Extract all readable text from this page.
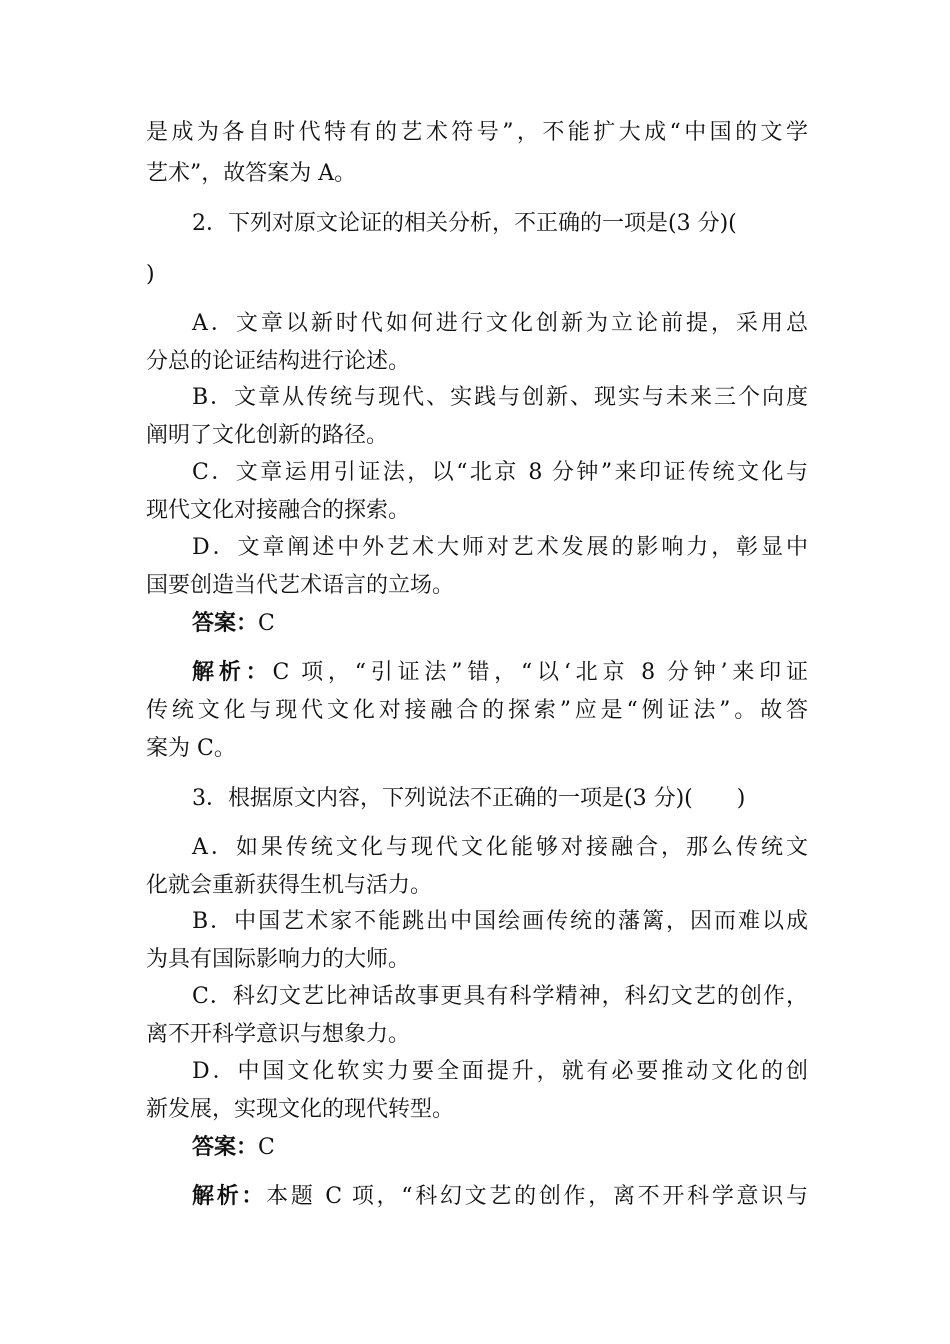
是成为各自时代特有的艺术符号”，不能扩大成“中国的文学
艺术”，故答案为 A。
2．下列对原文论证的相关分析，不正确的一项是(3 分)(
)
A．文章以新时代如何进行文化创新为立论前提，采用总
分总的论证结构进行论述。
B．文章从传统与现代、实践与创新、现实与未来三个向度
阐明了文化创新的路径。
C．文章运用引证法，以“北京 8 分钟”来印证传统文化与
现代文化对接融合的探索。
D．文章阐述中外艺术大师对艺术发展的影响力，彰显中
国要创造当代艺术语言的立场。
答案：C
解析：C 项，“引证法”错，“以‘北京 8 分钟’来印证
传统文化与现代文化对接融合的探索”应是“例证法”。故答
案为 C。
3．根据原文内容，下列说法不正确的一项是(3 分)(　　)
A．如果传统文化与现代文化能够对接融合，那么传统文
化就会重新获得生机与活力。
B．中国艺术家不能跳出中国绘画传统的藩篱，因而难以成
为具有国际影响力的大师。
C．科幻文艺比神话故事更具有科学精神，科幻文艺的创作，
离不开科学意识与想象力。
D．中国文化软实力要全面提升，就有必要推动文化的创
新发展，实现文化的现代转型。
答案：C
解析：本题 C 项，“科幻文艺的创作，离不开科学意识与
